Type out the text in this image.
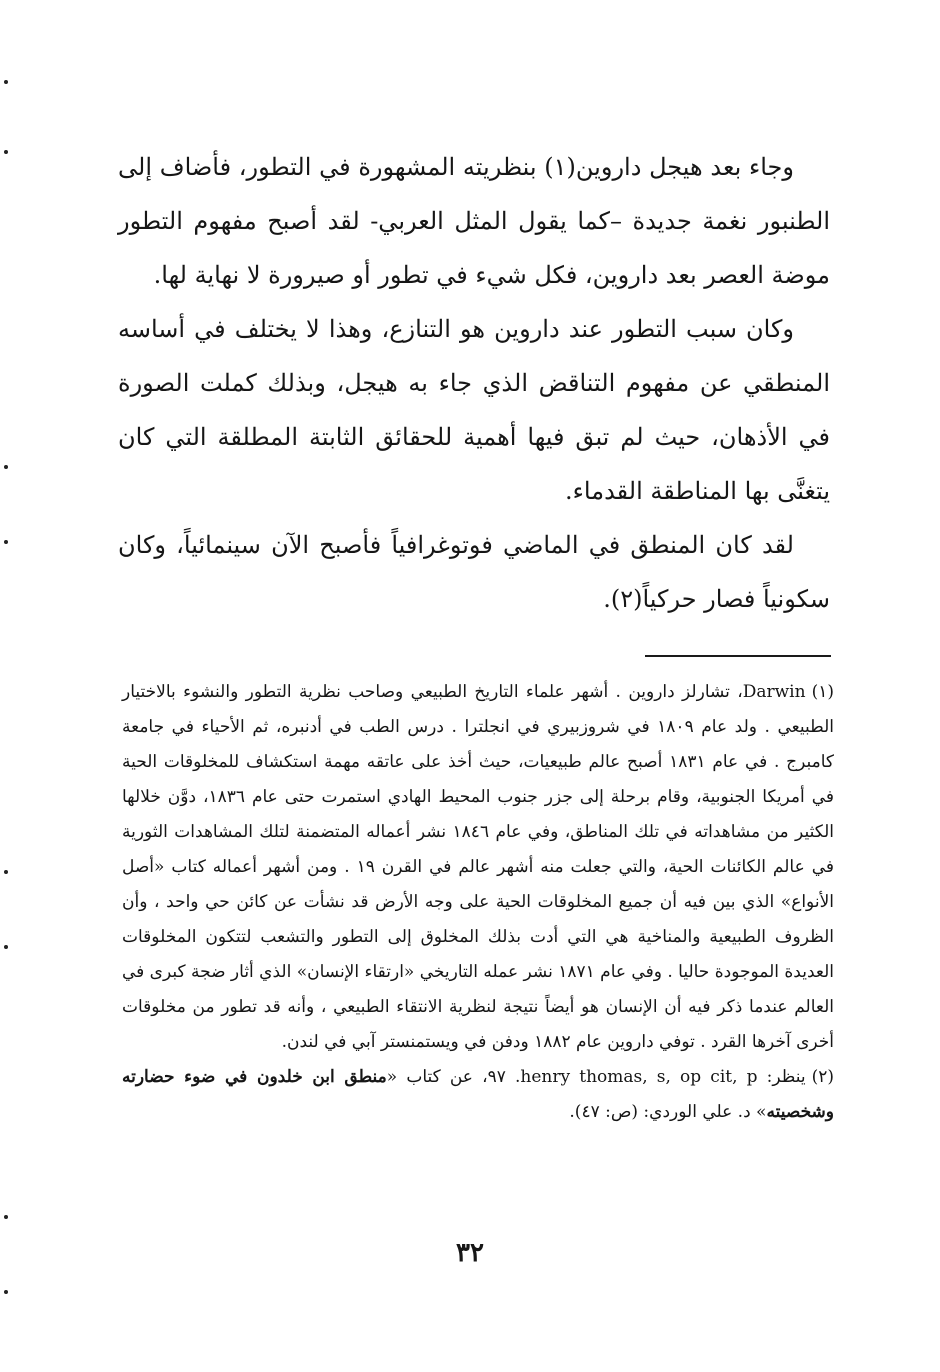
وجاء بعد هيجل داروين(١) بنظريته المشهورة في التطور، فأضاف إلى الطنبور نغمة جديدة –كما يقول المثل العربي- لقد أصبح مفهوم التطور موضة العصر بعد داروين، فكل شيء في تطور أو صيرورة لا نهاية لها.

وكان سبب التطور عند داروين هو التنازع، وهذا لا يختلف في أساسه المنطقي عن مفهوم التناقض الذي جاء به هيجل، وبذلك كملت الصورة في الأذهان، حيث لم تبق فيها أهمية للحقائق الثابتة المطلقة التي كان يتغنَّى بها المناطقة القدماء.

لقد كان المنطق في الماضي فوتوغرافياً فأصبح الآن سينمائياً، وكان سكونياً فصار حركياً(٢).

(١)Darwin، تشارلز داروين . أشهر علماء التاريخ الطبيعي وصاحب نظرية التطور والنشوء بالاختيار الطبيعي . ولد عام ١٨٠٩ في شروزبيري في انجلترا . درس الطب في أدنبره، ثم الأحياء في جامعة كامبرج . في عام ١٨٣١ أصبح عالم طبيعيات، حيث أخذ على عاتقه مهمة استكشاف للمخلوقات الحية في أمريكا الجنوبية، وقام برحلة إلى جزر جنوب المحيط الهادي استمرت حتى عام ١٨٣٦، دوَّن خلالها الكثير من مشاهداته في تلك المناطق، وفي عام ١٨٤٦ نشر أعماله المتضمنة لتلك المشاهدات الثورية في عالم الكائنات الحية، والتي جعلت منه أشهر عالم في القرن ١٩ . ومن أشهر أعماله كتاب «أصل الأنواع» الذي بين فيه أن جميع المخلوقات الحية على وجه الأرض قد نشأت عن كائن حي واحد ، وأن الظروف الطبيعية والمناخية هي التي أدت بذلك المخلوق إلى التطور والتشعب لتتكون المخلوقات العديدة الموجودة حاليا . وفي عام ١٨٧١ نشر عمله التاريخي «ارتقاء الإنسان» الذي أثار ضجة كبرى في العالم عندما ذكر فيه أن الإنسان هو أيضاً نتيجة لنظرية الانتقاء الطبيعي ، وأنه قد تطور من مخلوقات أخرى آخرها القرد . توفي داروين عام ١٨٨٢ ودفن في ويستمنستر آبي في لندن.

(٢)ينظر: henry thomas, s, op cit, p. ٩٧، عن كتاب «منطق ابن خلدون في ضوء حضارته وشخصيته» د. علي الوردي: (ص: ٤٧).

٣٢
